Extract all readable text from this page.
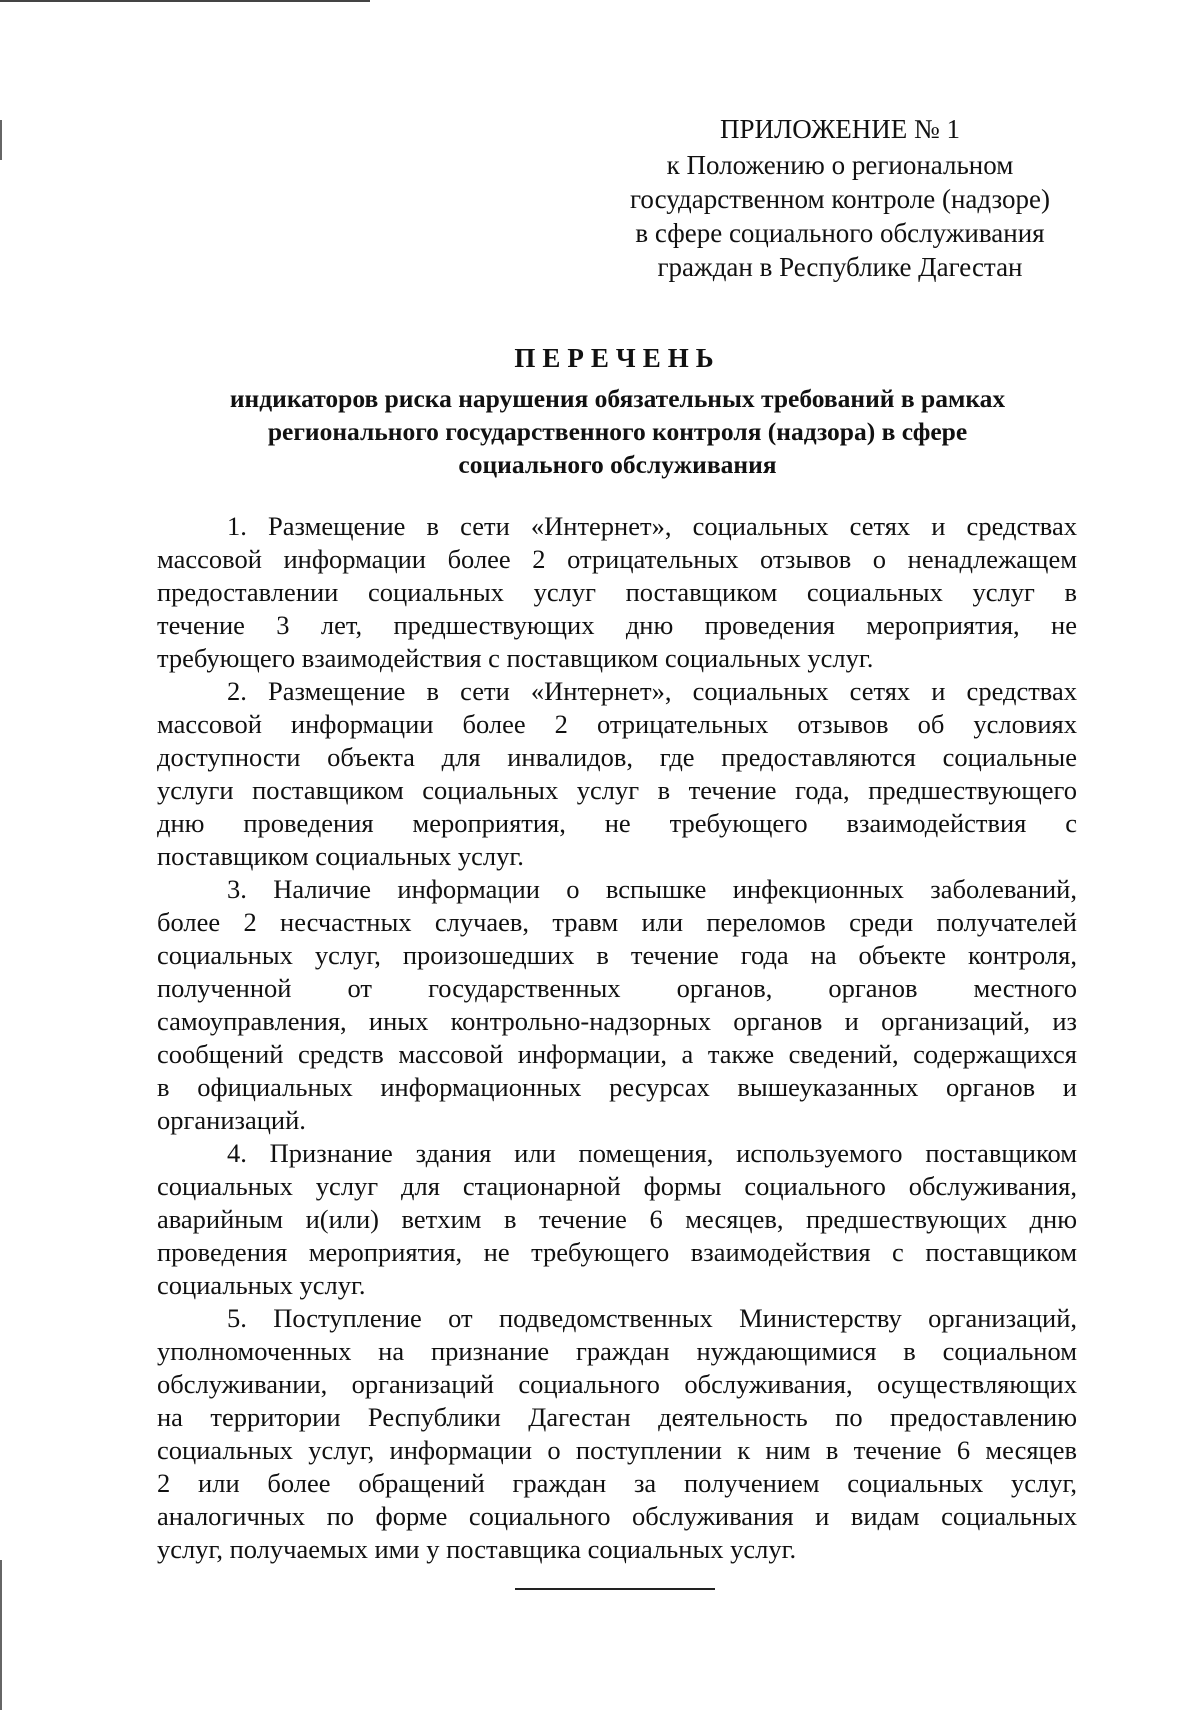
ПРИЛОЖЕНИЕ № 1
к Положению о региональном
государственном контроле (надзоре)
в сфере социального обслуживания
граждан в Республике Дагестан
ПЕРЕЧЕНЬ
индикаторов риска нарушения обязательных требований в рамках
регионального государственного контроля (надзора) в сфере
социального обслуживания

1. Размещение в сети «Интернет», социальных сетях и средствах
массовой информации более 2 отрицательных отзывов о ненадлежащем
предоставлении социальных услуг поставщиком социальных услуг в
течение 3 лет, предшествующих дню проведения мероприятия, не
требующего взаимодействия с поставщиком социальных услуг.

2. Размещение в сети «Интернет», социальных сетях и средствах
массовой информации более 2 отрицательных отзывов об условиях
доступности объекта для инвалидов, где предоставляются социальные
услуги поставщиком социальных услуг в течение года, предшествующего
дню проведения мероприятия, не требующего взаимодействия с
поставщиком социальных услуг.

3. Наличие информации о вспышке инфекционных заболеваний,
более 2 несчастных случаев, травм или переломов среди получателей
социальных услуг, произошедших в течение года на объекте контроля,
полученной от государственных органов, органов местного
самоуправления, иных контрольно-надзорных органов и организаций, из
сообщений средств массовой информации, а также сведений, содержащихся
в официальных информационных ресурсах вышеуказанных органов и
организаций.

4. Признание здания или помещения, используемого поставщиком
социальных услуг для стационарной формы социального обслуживания,
аварийным и(или) ветхим в течение 6 месяцев, предшествующих дню
проведения мероприятия, не требующего взаимодействия с поставщиком
социальных услуг.

5. Поступление от подведомственных Министерству организаций,
уполномоченных на признание граждан нуждающимися в социальном
обслуживании, организаций социального обслуживания, осуществляющих
на территории Республики Дагестан деятельность по предоставлению
социальных услуг, информации о поступлении к ним в течение 6 месяцев
2 или более обращений граждан за получением социальных услуг,
аналогичных по форме социального обслуживания и видам социальных
услуг, получаемых ими у поставщика социальных услуг.
